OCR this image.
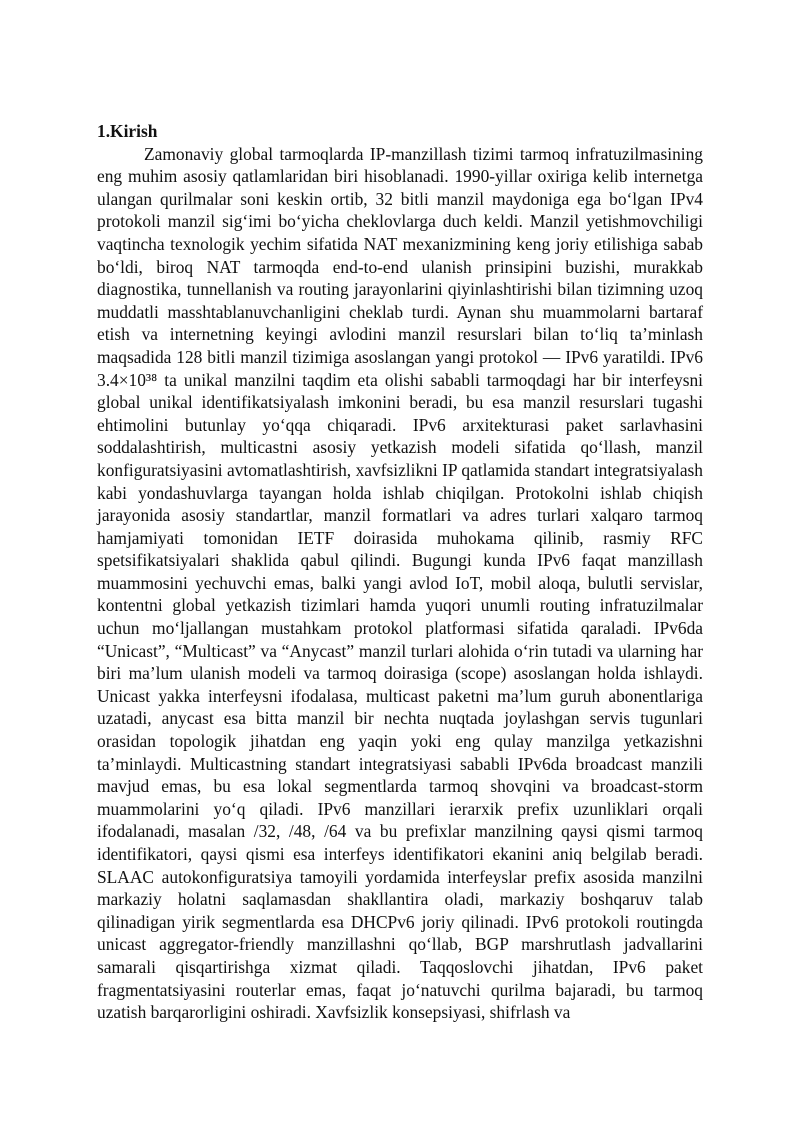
1.Kirish

Zamonaviy global tarmoqlarda IP-manzillash tizimi tarmoq infratuzilmasining eng muhim asosiy qatlamlaridan biri hisoblanadi. 1990-yillar oxiriga kelib internetga ulangan qurilmalar soni keskin ortib, 32 bitli manzil maydoniga ega bo‘lgan IPv4 protokoli manzil sig‘imi bo‘yicha cheklovlarga duch keldi. Manzil yetishmovchiligi vaqtincha texnologik yechim sifatida NAT mexanizmining keng joriy etilishiga sabab bo‘ldi, biroq NAT tarmoqda end-to-end ulanish prinsipini buzishi, murakkab diagnostika, tunnellanish va routing jarayonlarini qiyinlashtirishi bilan tizimning uzoq muddatli masshtablanuvchanligini cheklab turdi. Aynan shu muammolarni bartaraf etish va internetning keyingi avlodini manzil resurslari bilan to‘liq ta’minlash maqsadida 128 bitli manzil tizimiga asoslangan yangi protokol — IPv6 yaratildi. IPv6 3.4×10³⁸ ta unikal manzilni taqdim eta olishi sababli tarmoqdagi har bir interfeysni global unikal identifikatsiyalash imkonini beradi, bu esa manzil resurslari tugashi ehtimolini butunlay yo‘qqa chiqaradi. IPv6 arxitekturasi paket sarlavhasini soddalashtirish, multicastni asosiy yetkazish modeli sifatida qo‘llash, manzil konfiguratsiyasini avtomatlashtirish, xavfsizlikni IP qatlamida standart integratsiyalash kabi yondashuvlarga tayangan holda ishlab chiqilgan. Protokolni ishlab chiqish jarayonida asosiy standartlar, manzil formatlari va adres turlari xalqaro tarmoq hamjamiyati tomonidan IETF doirasida muhokama qilinib, rasmiy RFC spetsifikatsiyalari shaklida qabul qilindi. Bugungi kunda IPv6 faqat manzillash muammosini yechuvchi emas, balki yangi avlod IoT, mobil aloqa, bulutli servislar, kontentni global yetkazish tizimlari hamda yuqori unumli routing infratuzilmalar uchun mo‘ljallangan mustahkam protokol platformasi sifatida qaraladi. IPv6da “Unicast”, “Multicast” va “Anycast” manzil turlari alohida o‘rin tutadi va ularning har biri ma’lum ulanish modeli va tarmoq doirasiga (scope) asoslangan holda ishlaydi. Unicast yakka interfeysni ifodalasa, multicast paketni ma’lum guruh abonentlariga uzatadi, anycast esa bitta manzil bir nechta nuqtada joylashgan servis tugunlari orasidan topologik jihatdan eng yaqin yoki eng qulay manzilga yetkazishni ta’minlaydi. Multicastning standart integratsiyasi sababli IPv6da broadcast manzili mavjud emas, bu esa lokal segmentlarda tarmoq shovqini va broadcast-storm muammolarini yo‘q qiladi. IPv6 manzillari ierarxik prefix uzunliklari orqali ifodalanadi, masalan /32, /48, /64 va bu prefixlar manzilning qaysi qismi tarmoq identifikatori, qaysi qismi esa interfeys identifikatori ekanini aniq belgilab beradi. SLAAC autokonfiguratsiya tamoyili yordamida interfeyslar prefix asosida manzilni markaziy holatni saqlamasdan shakllantira oladi, markaziy boshqaruv talab qilinadigan yirik segmentlarda esa DHCPv6 joriy qilinadi. IPv6 protokoli routingda unicast aggregator-friendly manzillashni qo‘llab, BGP marshrutlash jadvallarini samarali qisqartirishga xizmat qiladi. Taqqoslovchi jihatdan, IPv6 paket fragmentatsiyasini routerlar emas, faqat jo‘natuvchi qurilma bajaradi, bu tarmoq uzatish barqarorligini oshiradi. Xavfsizlik konsepsiyasi, shifrlash va
